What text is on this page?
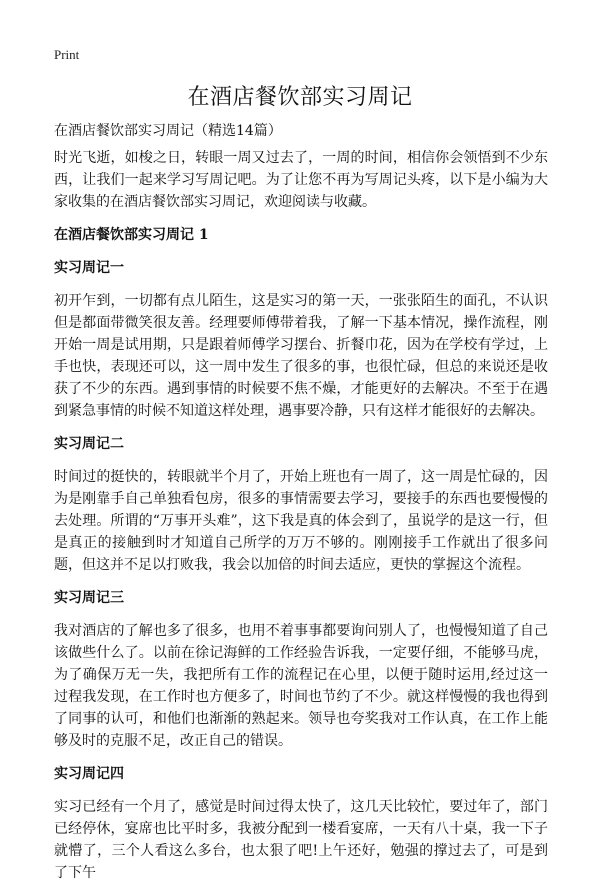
Print
在酒店餐饮部实习周记
在酒店餐饮部实习周记（精选14篇）

时光飞逝，如梭之日，转眼一周又过去了，一周的时间，相信你会领悟到不少东西，让我们一起来学习写周记吧。为了让您不再为写周记头疼，以下是小编为大家收集的在酒店餐饮部实习周记，欢迎阅读与收藏。

在酒店餐饮部实习周记 1
实习周记一

初开乍到，一切都有点儿陌生，这是实习的第一天，一张张陌生的面孔，不认识但是都面带微笑很友善。经理要师傅带着我，了解一下基本情况，操作流程，刚开始一周是试用期，只是跟着师傅学习摆台、折餐巾花，因为在学校有学过，上手也快，表现还可以，这一周中发生了很多的事，也很忙碌，但总的来说还是收获了不少的东西。遇到事情的时候要不焦不燥，才能更好的去解决。不至于在遇到紧急事情的时候不知道这样处理，遇事要冷静，只有这样才能很好的去解决。

实习周记二

时间过的挺快的，转眼就半个月了，开始上班也有一周了，这一周是忙碌的，因为是刚靠手自己单独看包房，很多的事情需要去学习，要接手的东西也要慢慢的去处理。所谓的“万事开头难”，这下我是真的体会到了，虽说学的是这一行，但是真正的接触到时才知道自己所学的万万不够的。刚刚接手工作就出了很多问题，但这并不足以打败我，我会以加倍的时间去适应，更快的掌握这个流程。

实习周记三

我对酒店的了解也多了很多，也用不着事事都要询问别人了，也慢慢知道了自己该做些什么了。以前在徐记海鲜的工作经验告诉我，一定要仔细，不能够马虎，为了确保万无一失，我把所有工作的流程记在心里，以便于随时运用,经过这一过程我发现，在工作时也方便多了，时间也节约了不少。就这样慢慢的我也得到了同事的认可，和他们也渐渐的熟起来。领导也夸奖我对工作认真，在工作上能够及时的克服不足，改正自己的错误。

实习周记四

实习已经有一个月了，感觉是时间过得太快了，这几天比较忙，要过年了，部门已经停休，宴席也比平时多，我被分配到一楼看宴席，一天有八十桌，我一下子就懵了，三个人看这么多台，也太狠了吧!上午还好，勉强的撑过去了，可是到了下午
